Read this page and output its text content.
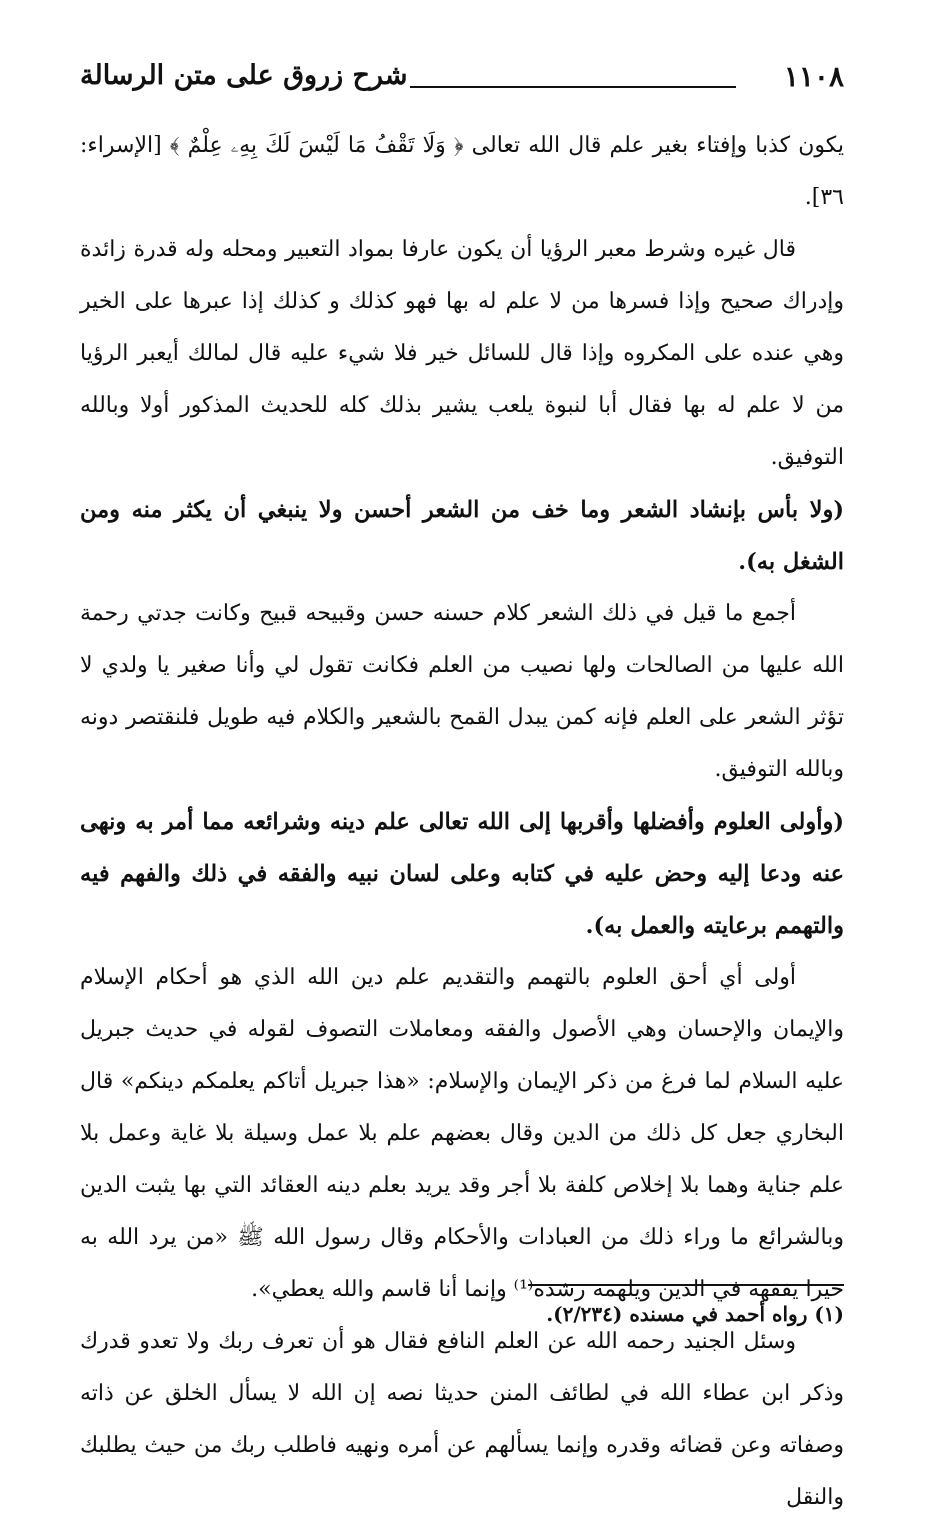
١١٠٨
شرح زروق على متن الرسالة

يكون كذبا وإفتاء بغير علم قال الله تعالى ﴿ وَلَا تَقْفُ مَا لَيْسَ لَكَ بِهِۦ عِلْمٌ ﴾ [الإسراء: ٣٦].

قال غيره وشرط معبر الرؤيا أن يكون عارفا بمواد التعبير ومحله وله قدرة زائدة وإدراك صحيح وإذا فسرها من لا علم له بها فهو كذلك و كذلك إذا عبرها على الخير وهي عنده على المكروه وإذا قال للسائل خير فلا شيء عليه قال لمالك أيعبر الرؤيا من لا علم له بها فقال أبا لنبوة يلعب يشير بذلك كله للحديث المذكور أولا وبالله التوفيق.

(ولا بأس بإنشاد الشعر وما خف من الشعر أحسن ولا ينبغي أن يكثر منه ومن الشغل به).

أجمع ما قيل في ذلك الشعر كلام حسنه حسن وقبيحه قبيح وكانت جدتي رحمة الله عليها من الصالحات ولها نصيب من العلم فكانت تقول لي وأنا صغير يا ولدي لا تؤثر الشعر على العلم فإنه كمن يبدل القمح بالشعير والكلام فيه طويل فلنقتصر دونه وبالله التوفيق.

(وأولى العلوم وأفضلها وأقربها إلى الله تعالى علم دينه وشرائعه مما أمر به ونهى عنه ودعا إليه وحض عليه في كتابه وعلى لسان نبيه والفقه في ذلك والفهم فيه والتهمم برعايته والعمل به).

أولى أي أحق العلوم بالتهمم والتقديم علم دين الله الذي هو أحكام الإسلام والإيمان والإحسان وهي الأصول والفقه ومعاملات التصوف لقوله في حديث جبريل عليه السلام لما فرغ من ذكر الإيمان والإسلام: «هذا جبريل أتاكم يعلمكم دينكم» قال البخاري جعل كل ذلك من الدين وقال بعضهم علم بلا عمل وسيلة بلا غاية وعمل بلا علم جناية وهما بلا إخلاص كلفة بلا أجر وقد يريد بعلم دينه العقائد التي بها يثبت الدين وبالشرائع ما وراء ذلك من العبادات والأحكام وقال رسول الله ﷺ «من يرد الله به خيرا يفقهه في الدين ويلهمه رشده⁽¹⁾ وإنما أنا قاسم والله يعطي».

وسئل الجنيد رحمه الله عن العلم النافع فقال هو أن تعرف ربك ولا تعدو قدرك وذكر ابن عطاء الله في لطائف المنن حديثا نصه إن الله لا يسأل الخلق عن ذاته وصفاته وعن قضائه وقدره وإنما يسألهم عن أمره ونهيه فاطلب ربك من حيث يطلبك والنقل

(١) رواه أحمد في مسنده (٢/٢٣٤).
